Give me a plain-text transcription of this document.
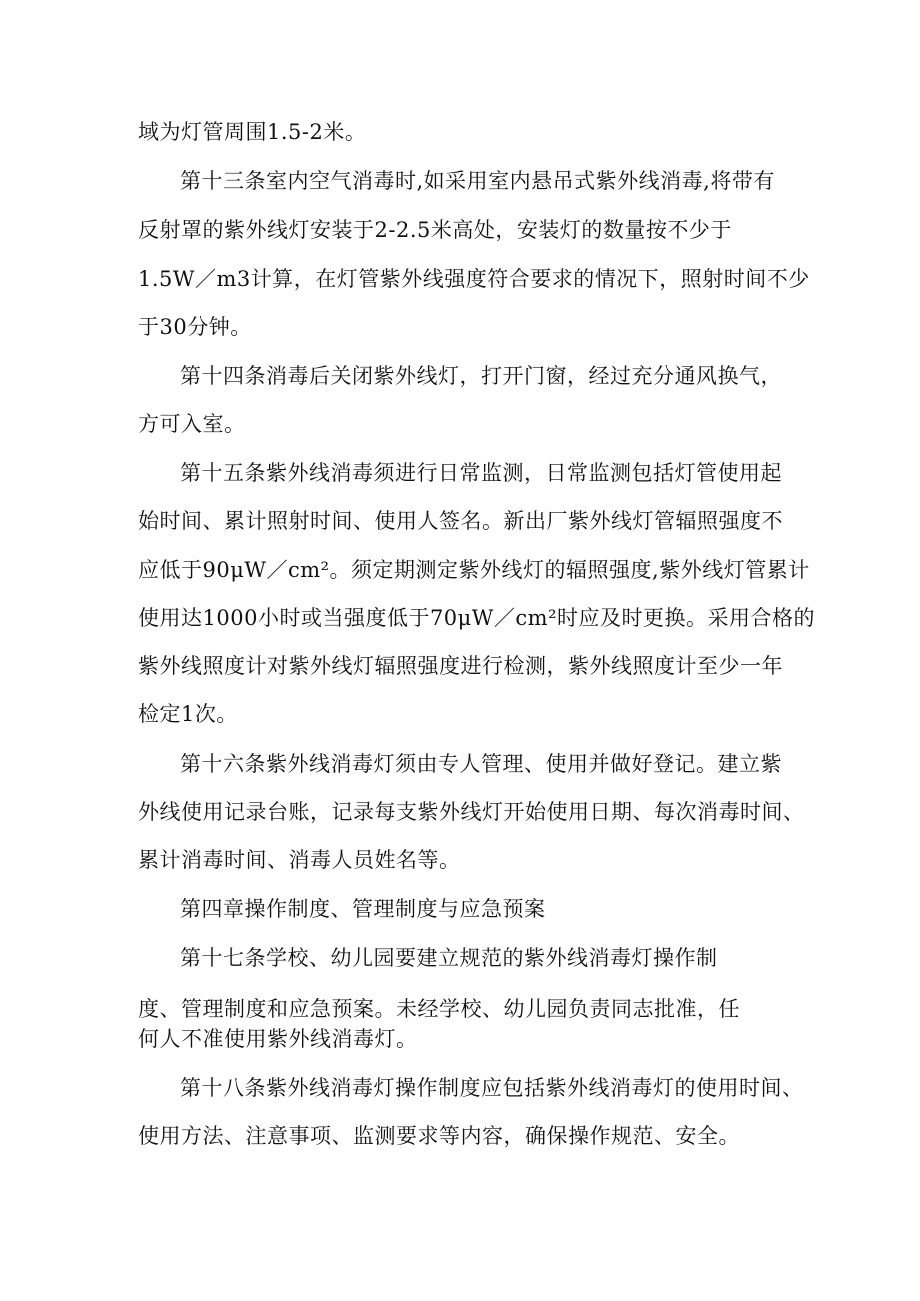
域为灯管周围1.5-2米。
第十三条室内空气消毒时,如采用室内悬吊式紫外线消毒,将带有
反射罩的紫外线灯安装于2-2.5米高处，安装灯的数量按不少于
1.5W／m3计算，在灯管紫外线强度符合要求的情况下，照射时间不少
于30分钟。
第十四条消毒后关闭紫外线灯，打开门窗，经过充分通风换气，
方可入室。
第十五条紫外线消毒须进行日常监测，日常监测包括灯管使用起
始时间、累计照射时间、使用人签名。新出厂紫外线灯管辐照强度不
应低于90μW／cm²。须定期测定紫外线灯的辐照强度,紫外线灯管累计
使用达1000小时或当强度低于70μW／cm²时应及时更换。采用合格的
紫外线照度计对紫外线灯辐照强度进行检测，紫外线照度计至少一年
检定1次。
第十六条紫外线消毒灯须由专人管理、使用并做好登记。建立紫
外线使用记录台账，记录每支紫外线灯开始使用日期、每次消毒时间、
累计消毒时间、消毒人员姓名等。
第四章操作制度、管理制度与应急预案
第十七条学校、幼儿园要建立规范的紫外线消毒灯操作制
度、管理制度和应急预案。未经学校、幼儿园负责同志批准，任
何人不准使用紫外线消毒灯。
第十八条紫外线消毒灯操作制度应包括紫外线消毒灯的使用时间、
使用方法、注意事项、监测要求等内容，确保操作规范、安全。
